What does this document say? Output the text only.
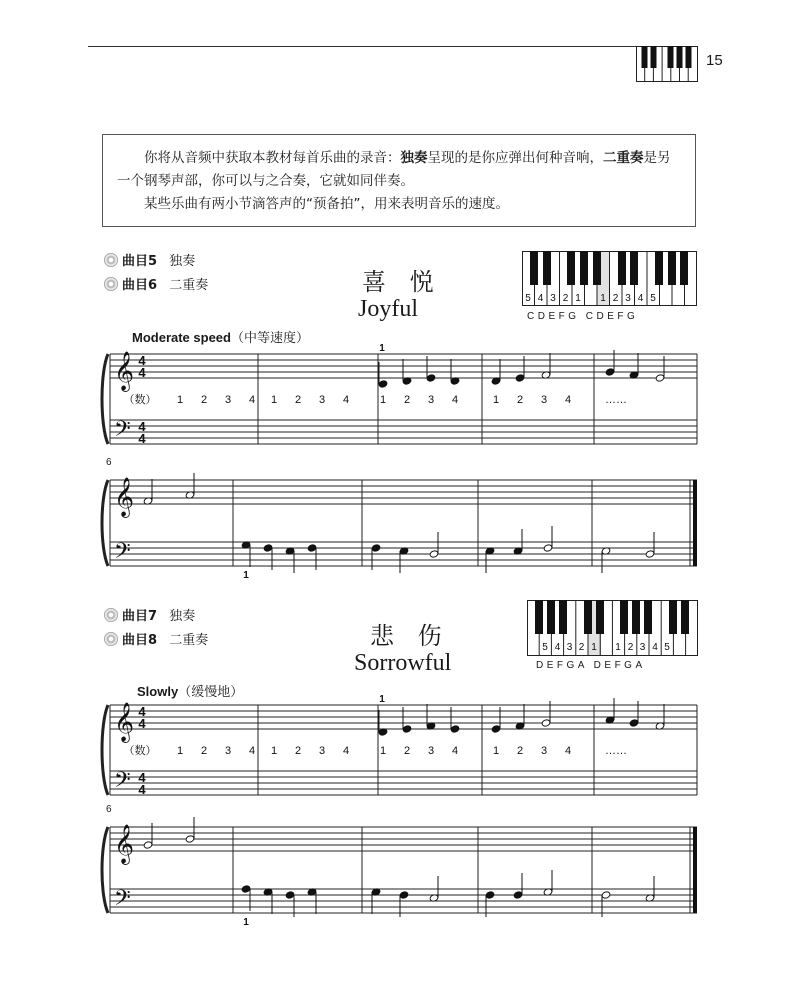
15

你将从音频中获取本教材每首乐曲的录音：独奏呈现的是你应弹出何种音响，二重奏是另一个钢琴声部，你可以与之合奏，它就如同伴奏。

某些乐曲有两小节滴答声的“预备拍”，用来表明音乐的速度。

曲目5
独奏
曲目6
二重奏	喜 悦
Joyful	5 4 3 2 1 1 2 3 4 5
CDEFG CDEFG
Moderate speed（中等速度）
𝄞
𝄢
4
4
4
4
（数） 1 2 3 4 1 2 3 4	1 2 3 4	1 2 3 4	……
1
6
𝄞
𝄢
1
曲目7
独奏
曲目8
二重奏	悲 伤
Sorrowful
5 4 3 2 1 1 2 3 4 5
DEFGA DEFGA
Slowly（缓慢地）
𝄞
𝄢
4
4
4
4
（数） 1 2 3 4 1 2 3 4	1 2 3 4	1 2 3 4	……
1
6
𝄞
𝄢
1
